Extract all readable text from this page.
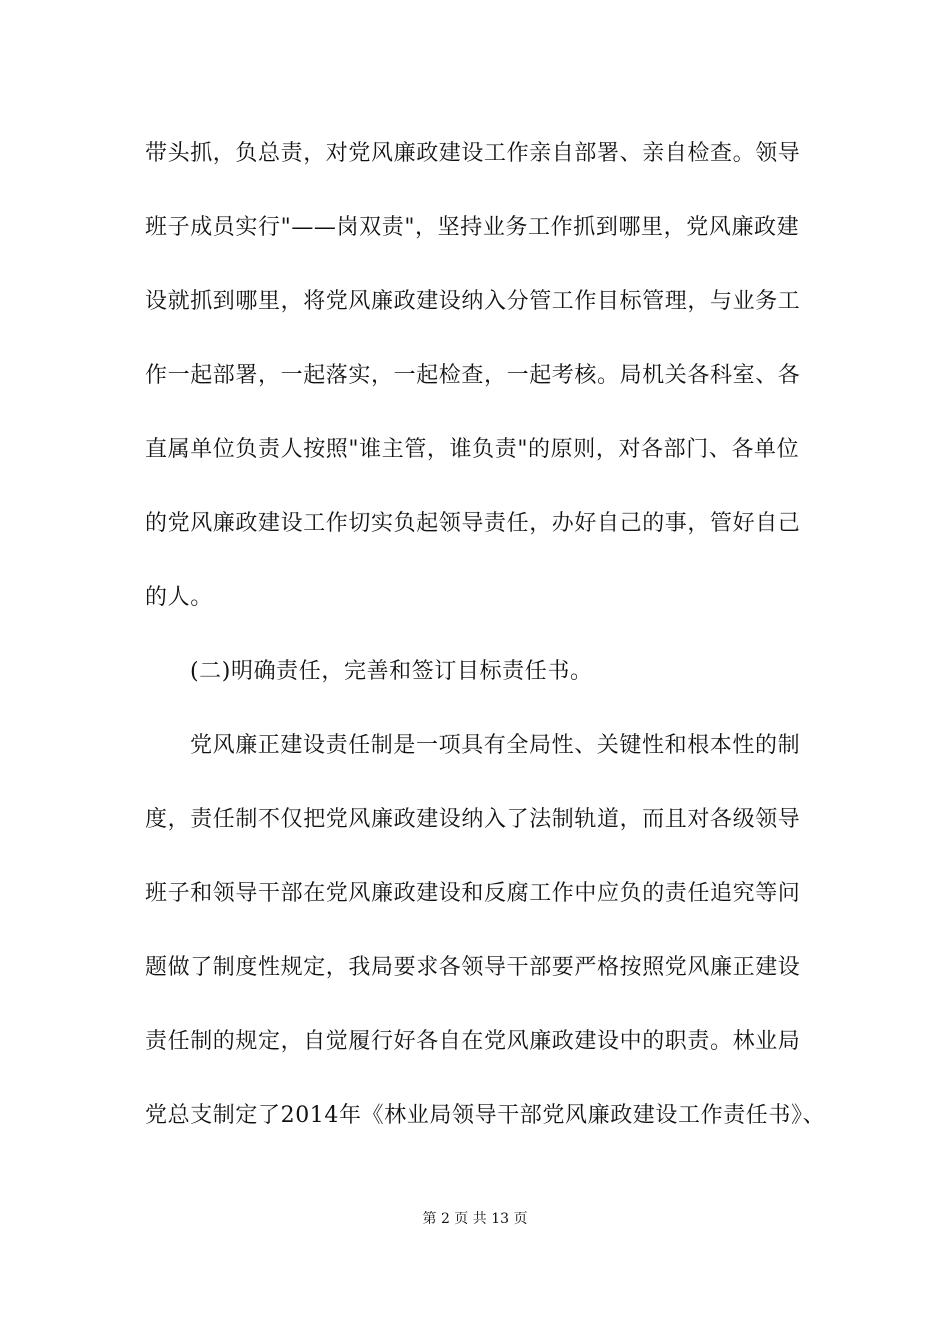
带头抓，负总责，对党风廉政建设工作亲自部署、亲自检查。领导
班子成员实行"——岗双责"，坚持业务工作抓到哪里，党风廉政建
设就抓到哪里，将党风廉政建设纳入分管工作目标管理，与业务工
作一起部署，一起落实，一起检查，一起考核。局机关各科室、各
直属单位负责人按照"谁主管，谁负责"的原则，对各部门、各单位
的党风廉政建设工作切实负起领导责任，办好自己的事，管好自己
的人。
(二)明确责任，完善和签订目标责任书。
党风廉正建设责任制是一项具有全局性、关键性和根本性的制
度，责任制不仅把党风廉政建设纳入了法制轨道，而且对各级领导
班子和领导干部在党风廉政建设和反腐工作中应负的责任追究等问
题做了制度性规定，我局要求各领导干部要严格按照党风廉正建设
责任制的规定，自觉履行好各自在党风廉政建设中的职责。林业局
党总支制定了2014年《林业局领导干部党风廉政建设工作责任书》、
第 2 页 共 13 页
